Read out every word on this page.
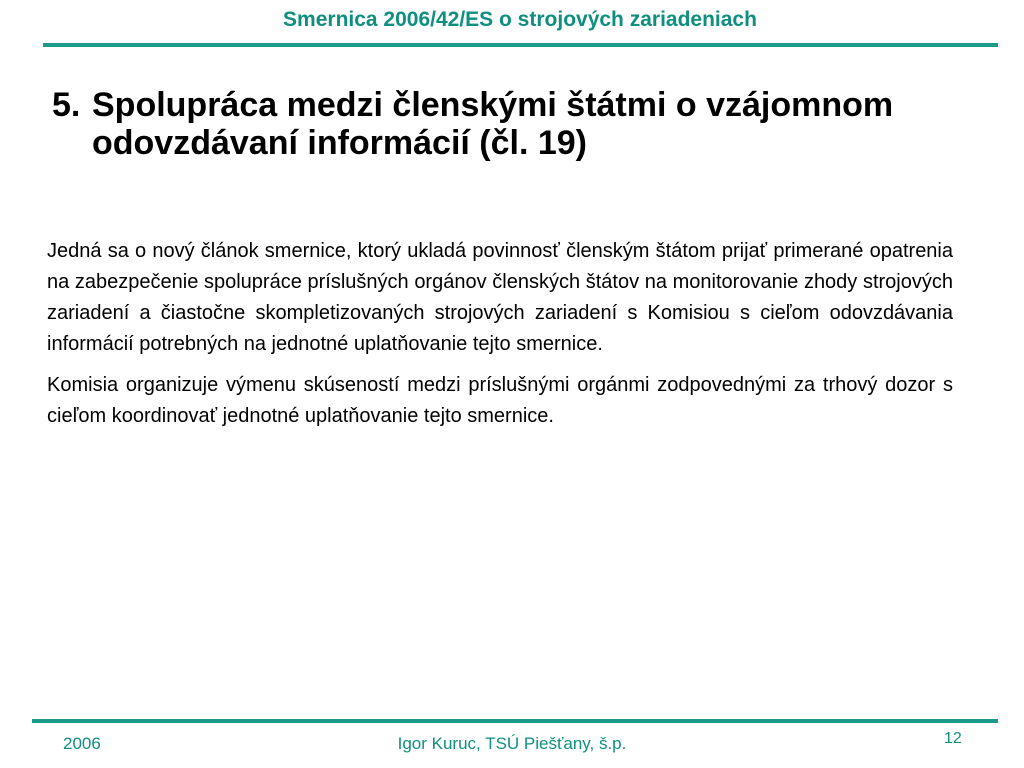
Smernica 2006/42/ES o strojových zariadeniach
5. Spolupráca medzi členskými štátmi o vzájomnom odovzdávaní informácií (čl. 19)

Jedná sa o nový článok smernice, ktorý ukladá povinnosť členským štátom prijať primerané opatrenia na zabezpečenie spolupráce príslušných orgánov členských štátov na monitorovanie zhody strojových zariadení a čiastočne skompletizovaných strojových zariadení s Komisiou s cieľom odovzdávania informácií potrebných na jednotné uplatňovanie tejto smernice.

Komisia organizuje výmenu skúseností medzi príslušnými orgánmi zodpovednými za trhový dozor s cieľom koordinovať jednotné uplatňovanie tejto smernice.

2006	Igor Kuruc, TSÚ Piešťany, š.p.	12
